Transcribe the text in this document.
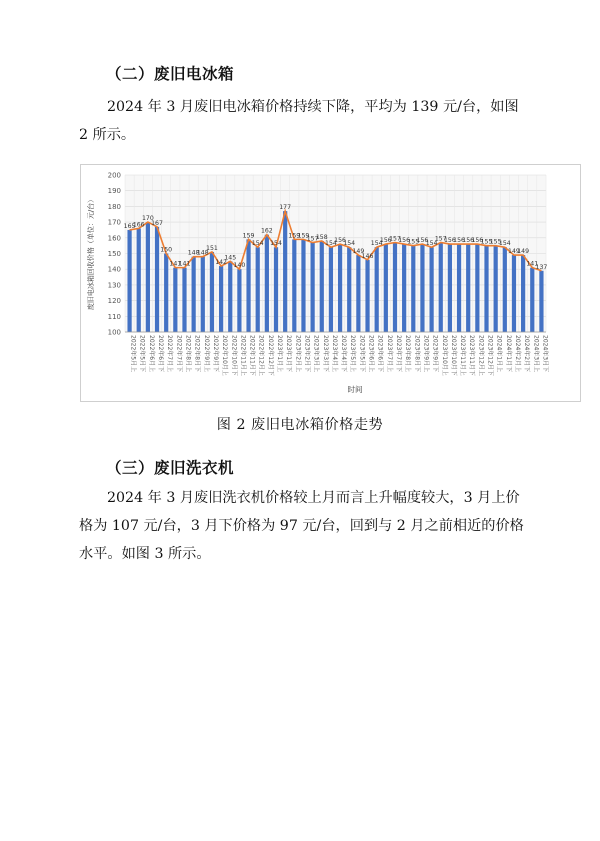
（二）废旧电冰箱
2024 年 3 月废旧电冰箱价格持续下降，平均为 139 元/台，如图
2 所示。
废旧电冰箱回收价格（单位：元/台）
时间
100
110
120
130
140
150
160
170
180
190
200
165
166
170
167
150
141
141
148
148
151
142
145
140
159
154
162
154
177
159
159
157
158
154
156
154
149
146
154
156
157
156
155
156
154
157
156
156
156
156
155
155
154
149
149
141
137
2022年5月上 2022年5月下 2022年6月上 2022年6月下 2022年7月上 2022年7月下 2022年8月上 2022年8月下 2022年9月上 2022年9月下 2022年10月上 2022年10月下 2022年11月上 2022年11月下 2022年12月上 2022年12月下 2023年1月上 2023年1月下 2023年2月上 2023年2月下 2023年3月上 2023年3月下 2023年4月上 2023年4月下 2023年5月上 2023年5月下 2023年6月上 2023年6月下 2023年7月上 2023年7月下 2023年8月上 2023年8月下 2023年9月上 2023年9月下 2023年10月上 2023年10月下 2023年11月上 2023年11月下 2023年12月上 2023年12月下 2024年1月上 2024年1月下 2024年2月上 2024年2月下 2024年3月上 2024年3月下
图 2 废旧电冰箱价格走势
（三）废旧洗衣机
2024 年 3 月废旧洗衣机价格较上月而言上升幅度较大，3 月上价
格为 107 元/台，3 月下价格为 97 元/台，回到与 2 月之前相近的价格
水平。如图 3 所示。
